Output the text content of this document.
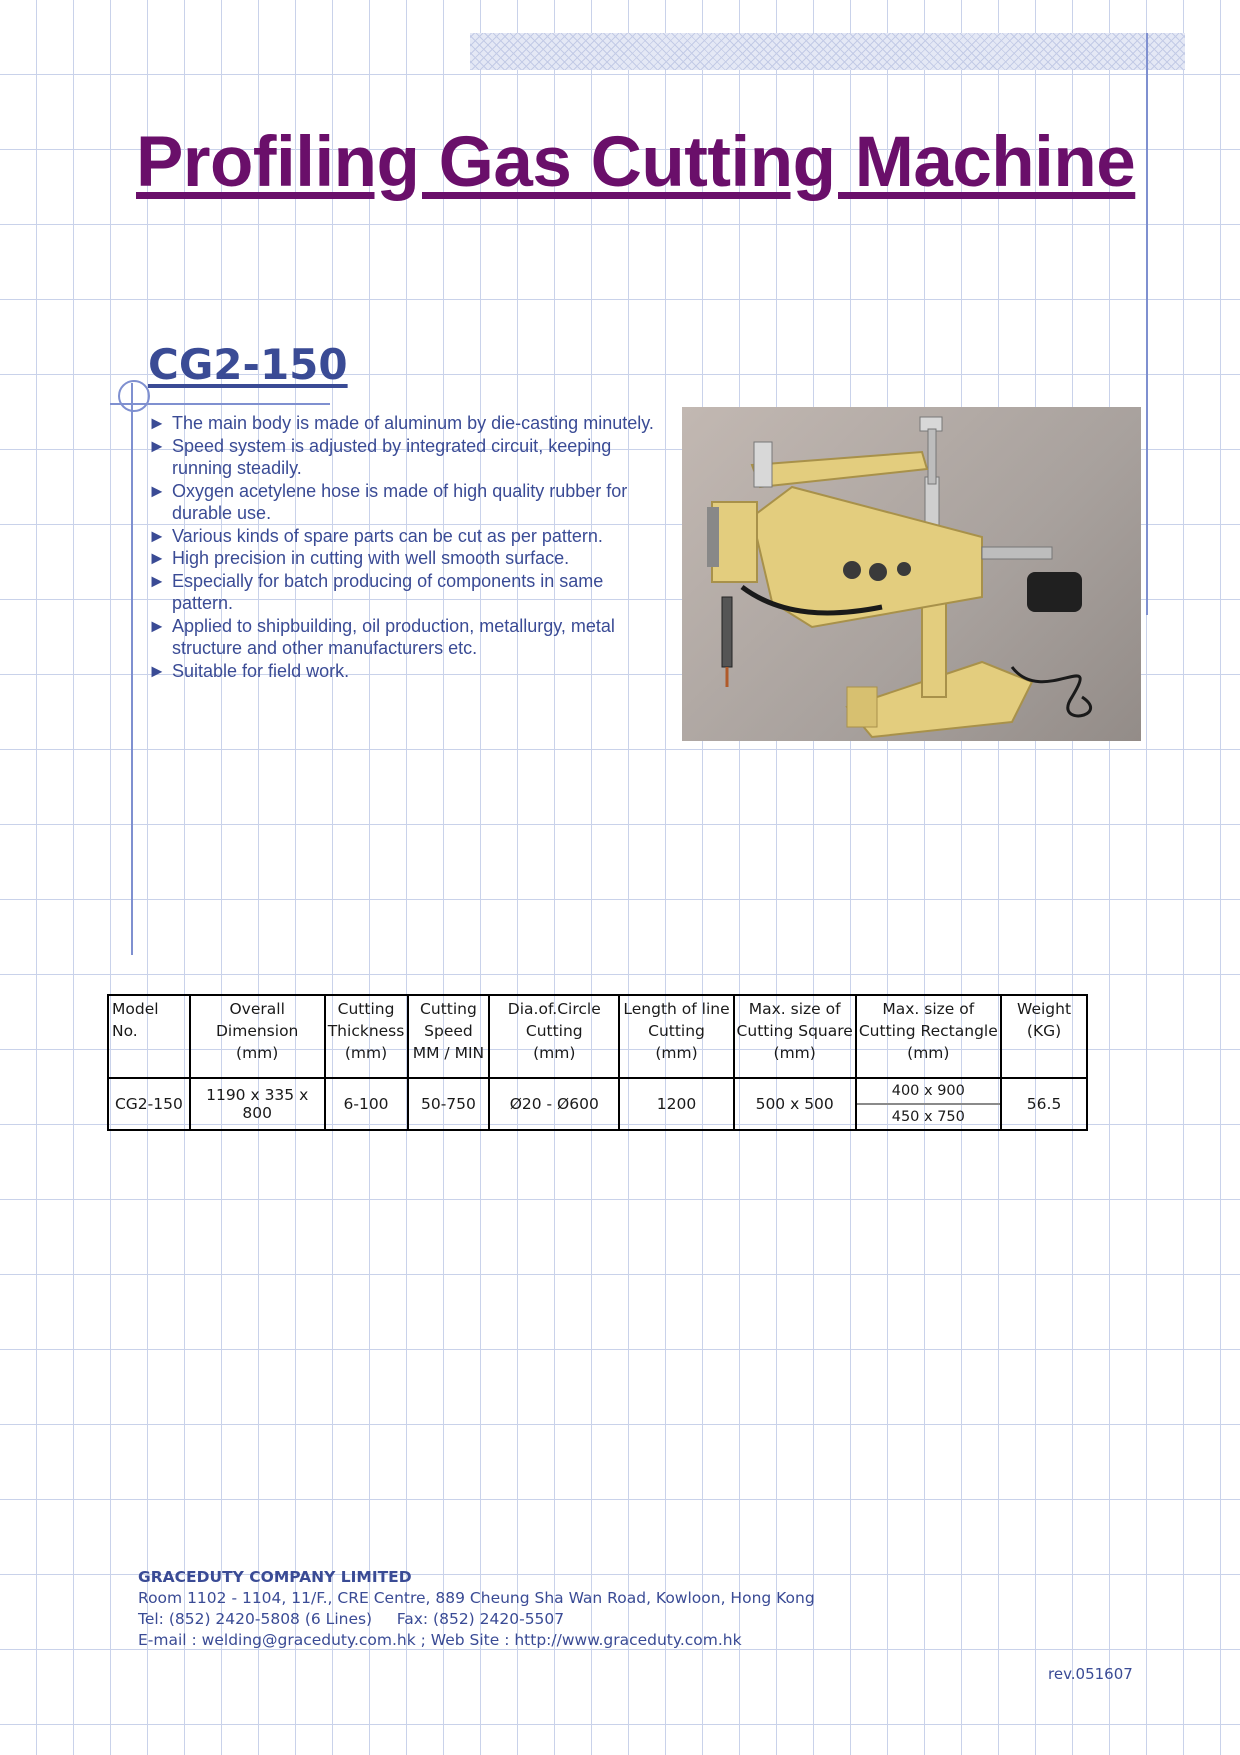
Profiling Gas Cutting Machine
CG2-150
► The main body is made of aluminum by die-casting minutely.
► Speed system is adjusted by integrated circuit, keeping running steadily.
► Oxygen acetylene hose is made of high quality rubber for durable use.
► Various kinds of spare parts can be cut as per pattern.
► High precision in cutting with well smooth surface.
► Especially for batch producing of components in same pattern.
► Applied to shipbuilding, oil production, metallurgy, metal structure and other manufacturers etc.
► Suitable for field work.
Model No.	Overall
Dimension
(mm)	Cutting
Thickness
(mm)	Cutting
Speed
MM / MIN	Dia.of.Circle
Cutting
(mm)	Length of line
Cutting
(mm)	Max. size of
Cutting Square
(mm)	Max. size of
Cutting Rectangle
(mm)	Weight
(KG)
CG2-150	1190 x 335 x 800	6-100	50-750	Ø20 - Ø600	1200	500 x 500	400 x 900
450 x 750	56.5
GRACEDUTY COMPANY LIMITED
Room 1102 - 1104, 11/F., CRE Centre, 889 Cheung Sha Wan Road, Kowloon, Hong Kong
Tel: (852) 2420-5808 (6 Lines)     Fax: (852) 2420-5507
E-mail : welding@graceduty.com.hk ; Web Site : http://www.graceduty.com.hk
rev.051607
